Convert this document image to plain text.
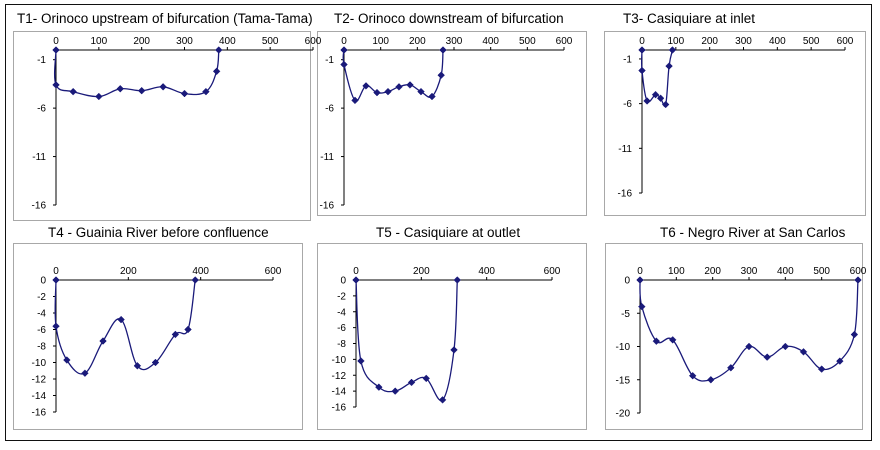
T1- Orinoco upstream of bifurcation (Tama-Tama) T2- Orinoco downstream of bifurcation	T3- Casiquiare at inlet
T4 - Guainia River before confluence	T5 - Casiquiare at outlet	T6 - Negro River at San Carlos
0	100	200	300	400	500	600
-1
-6
-11
-16
0	100 200 300 400 500 600
-1
-6
-11
-16
0 100 200 300 400 500 600
-1
-6
-11
-16
0	200	400	600
0
-2
-4
-6
-8
-10
-12
-14
-16
0	200	400	600
0
-2
-4
-6
-8
-10
-12
-14
-16
0	100 200 300 400 500 600
0
-5
-10
-15
-20
